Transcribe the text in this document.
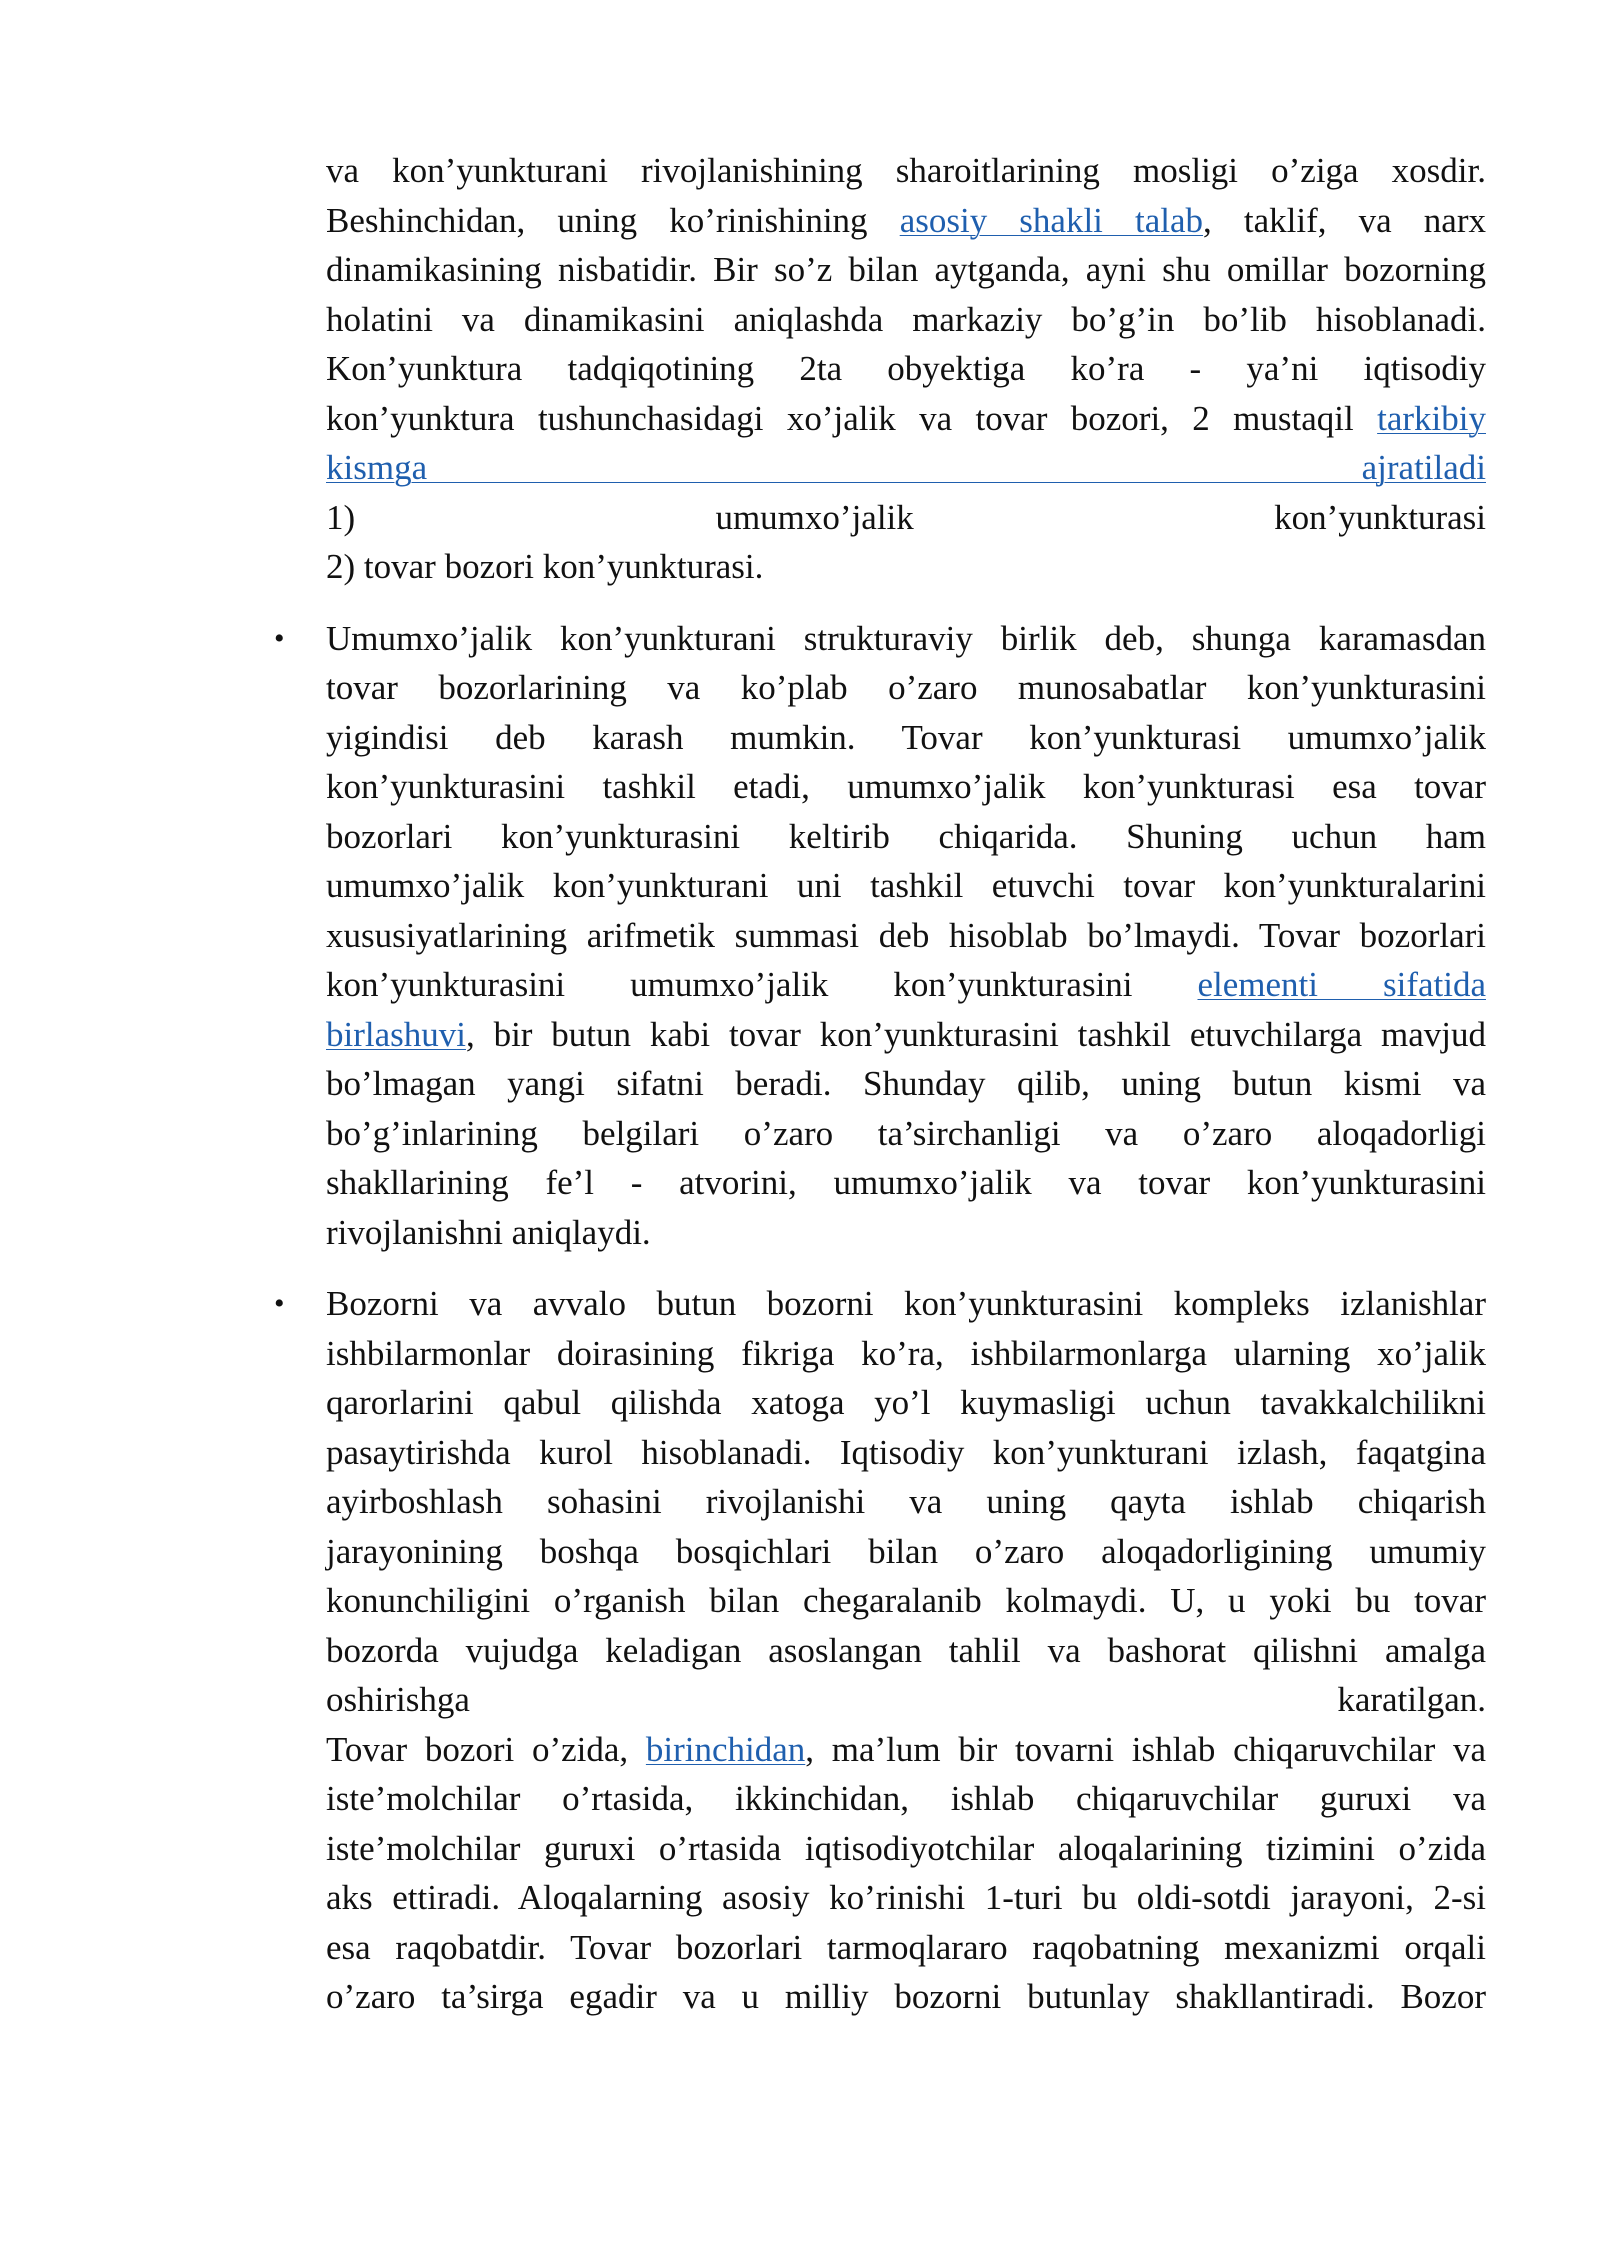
va kon’yunkturani rivojlanishining sharoitlarining mosligi o’ziga xosdir.
Beshinchidan, uning ko’rinishining asosiy shakli talab, taklif, va narx
dinamikasining nisbatidir. Bir so’z bilan aytganda, ayni shu omillar bozorning
holatini va dinamikasini aniqlashda markaziy bo’g’in bo’lib hisoblanadi.
Kon’yunktura tadqiqotining 2ta obyektiga ko’ra - ya’ni iqtisodiy
kon’yunktura tushunchasidagi xo’jalik va tovar bozori, 2 mustaqil tarkibiy
kismga ajratiladi
1) umumxo’jalik kon’yunkturasi
2) tovar bozori kon’yunkturasi.
• Umumxo’jalik kon’yunkturani strukturaviy birlik deb, shunga karamasdan
tovar bozorlarining va ko’plab o’zaro munosabatlar kon’yunkturasini
yigindisi deb karash mumkin. Tovar kon’yunkturasi umumxo’jalik
kon’yunkturasini tashkil etadi, umumxo’jalik kon’yunkturasi esa tovar
bozorlari kon’yunkturasini keltirib chiqarida. Shuning uchun ham
umumxo’jalik kon’yunkturani uni tashkil etuvchi tovar kon’yunkturalarini
xususiyatlarining arifmetik summasi deb hisoblab bo’lmaydi. Tovar bozorlari
kon’yunkturasini umumxo’jalik kon’yunkturasini elementi sifatida
birlashuvi, bir butun kabi tovar kon’yunkturasini tashkil etuvchilarga mavjud
bo’lmagan yangi sifatni beradi. Shunday qilib, uning butun kismi va
bo’g’inlarining belgilari o’zaro ta’sirchanligi va o’zaro aloqadorligi
shakllarining fe’l - atvorini, umumxo’jalik va tovar kon’yunkturasini
rivojlanishni aniqlaydi.
• Bozorni va avvalo butun bozorni kon’yunkturasini kompleks izlanishlar
ishbilarmonlar doirasining fikriga ko’ra, ishbilarmonlarga ularning xo’jalik
qarorlarini qabul qilishda xatoga yo’l kuymasligi uchun tavakkalchilikni
pasaytirishda kurol hisoblanadi. Iqtisodiy kon’yunkturani izlash, faqatgina
ayirboshlash sohasini rivojlanishi va uning qayta ishlab chiqarish
jarayonining boshqa bosqichlari bilan o’zaro aloqadorligining umumiy
konunchiligini o’rganish bilan chegaralanib kolmaydi. U, u yoki bu tovar
bozorda vujudga keladigan asoslangan tahlil va bashorat qilishni amalga
oshirishga karatilgan.
Tovar bozori o’zida, birinchidan, ma’lum bir tovarni ishlab chiqaruvchilar va
iste’molchilar o’rtasida, ikkinchidan, ishlab chiqaruvchilar guruxi va
iste’molchilar guruxi o’rtasida iqtisodiyotchilar aloqalarining tizimini o’zida
aks ettiradi. Aloqalarning asosiy ko’rinishi 1-turi bu oldi-sotdi jarayoni, 2-si
esa raqobatdir. Tovar bozorlari tarmoqlararo raqobatning mexanizmi orqali
o’zaro ta’sirga egadir va u milliy bozorni butunlay shakllantiradi. Bozor
